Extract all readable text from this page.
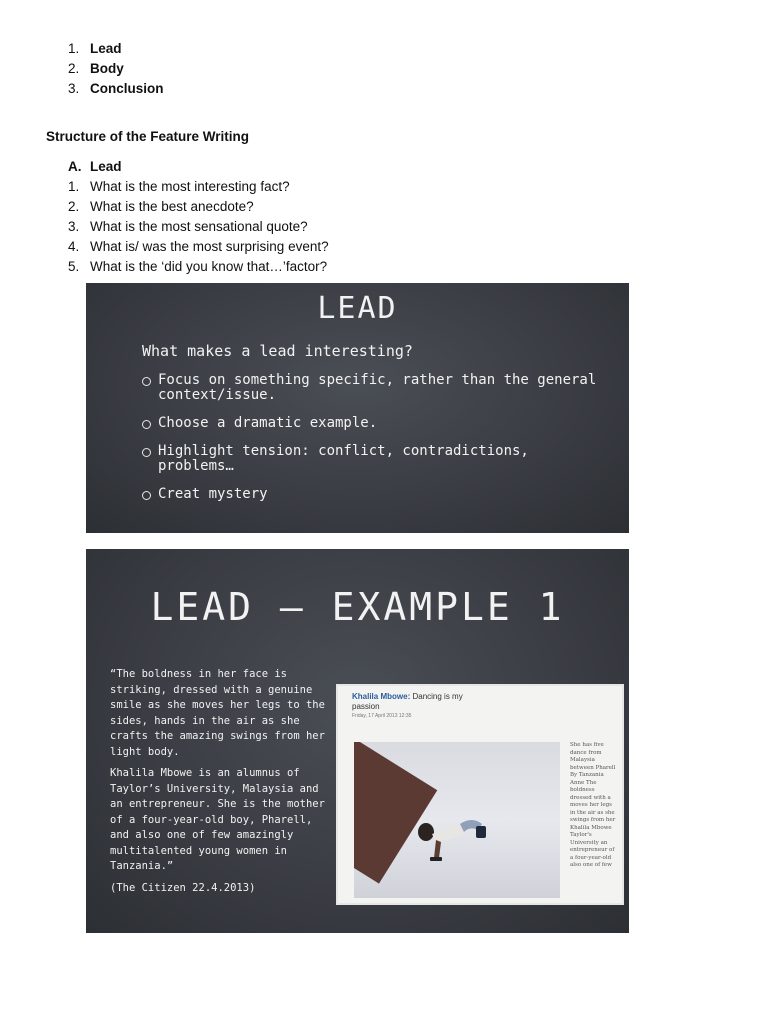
1. Lead
2. Body
3. Conclusion
Structure of the Feature Writing
A. Lead
1. What is the most interesting fact?
2. What is the best anecdote?
3. What is the most sensational quote?
4. What is/ was the most surprising event?
5. What is the ‘did you know that…’factor?
LEAD
What makes a lead interesting?
Focus on something specific, rather than the general context/issue.
Choose a dramatic example.
Highlight tension: conflict, contradictions, problems…
Creat mystery
LEAD – EXAMPLE 1

“The boldness in her face is striking, dressed with a genuine smile as she moves her legs to the sides, hands in the air as she crafts the amazing swings from her light body.

Khalila Mbowe is an alumnus of Taylor’s University, Malaysia and an entrepreneur. She is the mother of a four-year-old boy, Pharell, and also one of few amazingly multitalented young women in Tanzania.”

(The Citizen 22.4.2013)

Khalila Mbowe: Dancing is my passion
Friday, 17 April 2013 12:35
She has five dance from Malaysia between Pharell By Tanzania Anne The boldness dressed with a moves her legs in the air as she swings from her Khalila Mbowe Taylor's University an entrepreneur of a four-year-old also one of few
